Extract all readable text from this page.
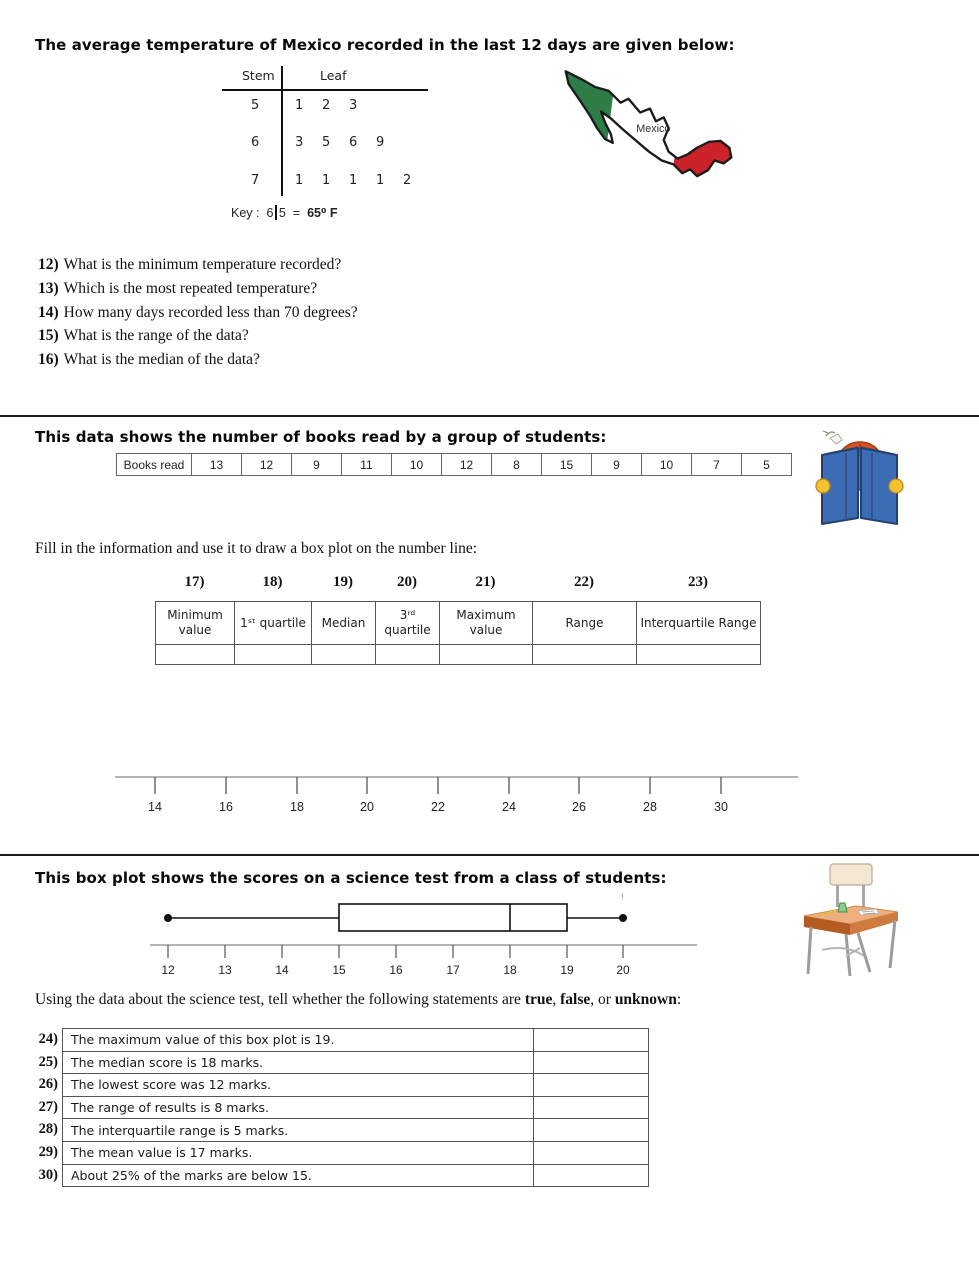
The average temperature of Mexico recorded in the last 12 days are given below:
Stem	Leaf
5	1 2 3
6	3 5 6 9
7	1 1 1 1 2
Key : 6 5 = 65⁰ F
Mexico
12) What is the minimum temperature recorded?
13) Which is the most repeated temperature?
14) How many days recorded less than 70 degrees?
15) What is the range of the data?
16) What is the median of the data?
This data shows the number of books read by a group of students:
Books read	13	12	9	11	10	12	8	15	9	10	7	5
Fill in the information and use it to draw a box plot on the number line:
17)	18)	19)	20)	21)	22)	23)
Minimum value	1ˢᵗ quartile	Median	3ʳᵈ quartile	Maximum value	Range	Interquartile Range

14	16	18	20	22	24	26	28	30
This box plot shows the scores on a science test from a class of students:
!
12	13	14	15	16	17	18	19	20
Using the data about the science test, tell whether the following statements are true, false, or unknown:
24)	The maximum value of this box plot is 19.
25)	The median score is 18 marks.
26)	The lowest score was 12 marks.
27)	The range of results is 8 marks.
28)	The interquartile range is 5 marks.
29)	The mean value is 17 marks.
30)	About 25% of the marks are below 15.
